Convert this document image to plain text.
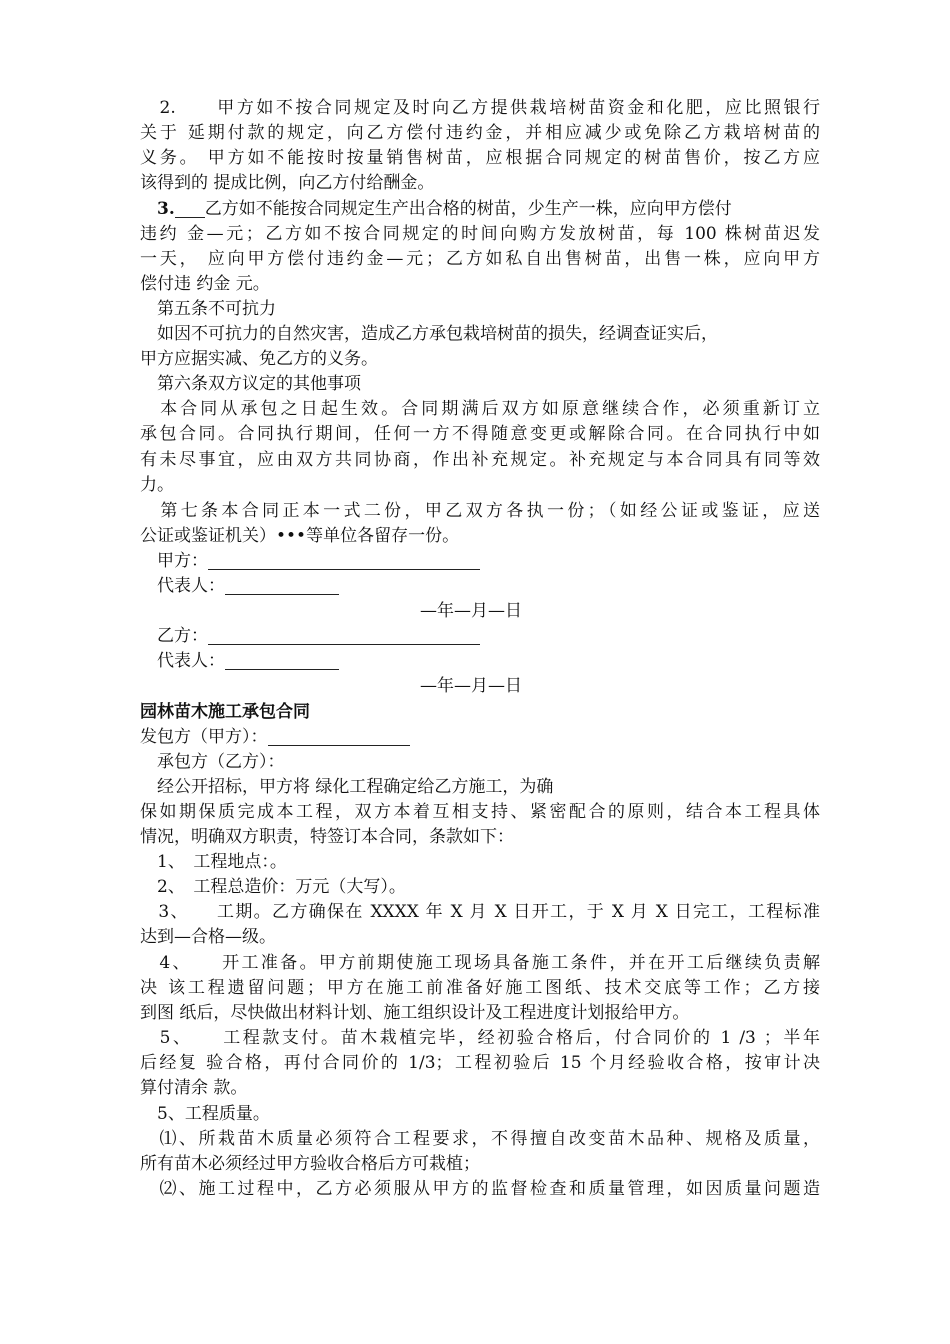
　2.　　甲方如不按合同规定及时向乙方提供栽培树苗资金和化肥，应比照银行
关于 延期付款的规定，向乙方偿付违约金，并相应减少或免除乙方栽培树苗的
义务。 甲方如不能按时按量销售树苗，应根据合同规定的树苗售价，按乙方应
该得到的 提成比例，向乙方付给酬金。
　3. 乙方如不能按合同规定生产出合格的树苗，少生产一株，应向甲方偿付
违约 金—元；乙方如不按合同规定的时间向购方发放树苗，每 100 株树苗迟发
一天， 应向甲方偿付违约金—元；乙方如私自出售树苗，出售一株，应向甲方
偿付违 约金 元。
　第五条不可抗力
　如因不可抗力的自然灾害，造成乙方承包栽培树苗的损失，经调查证实后，
甲方应据实减、免乙方的义务。
　第六条双方议定的其他事项
　本合同从承包之日起生效。合同期满后双方如原意继续合作，必须重新订立
承包合同。合同执行期间，任何一方不得随意变更或解除合同。在合同执行中如
有未尽事宜，应由双方共同协商，作出补充规定。补充规定与本合同具有同等效
力。
　第七条本合同正本一式二份，甲乙双方各执一份；（如经公证或鉴证，应送
公证或鉴证机关）•••等单位各留存一份。
　甲方：
　代表人：
—年—月—日
　乙方：
　代表人：
—年—月—日
园林苗木施工承包合同
发包方（甲方）：
　承包方（乙方）：
　经公开招标，甲方将 绿化工程确定给乙方施工，为确
保如期保质完成本工程，双方本着互相支持、紧密配合的原则，结合本工程具体
情况，明确双方职责，特签订本合同，条款如下：
　1、　工程地点：。
　2、　工程总造价：万元（大写）。
　3、　　工期。乙方确保在 XXXX 年 X 月 X 日开工，于 X 月 X 日完工，工程标准
达到—合格—级。
　4、　　开工准备。甲方前期使施工现场具备施工条件，并在开工后继续负责解
决 该工程遗留问题；甲方在施工前准备好施工图纸、技术交底等工作；乙方接
到图 纸后，尽快做出材料计划、施工组织设计及工程进度计划报给甲方。
　5、　　工程款支付。苗木栽植完毕，经初验合格后，付合同价的 1 /3 ；半年
后经复 验合格，再付合同价的 1/3；工程初验后 15 个月经验收合格，按审计决
算付清余 款。
　5、工程质量。
　⑴、所栽苗木质量必须符合工程要求，不得擅自改变苗木品种、规格及质量，
所有苗木必须经过甲方验收合格后方可栽植；
　⑵、施工过程中，乙方必须服从甲方的监督检查和质量管理，如因质量问题造
